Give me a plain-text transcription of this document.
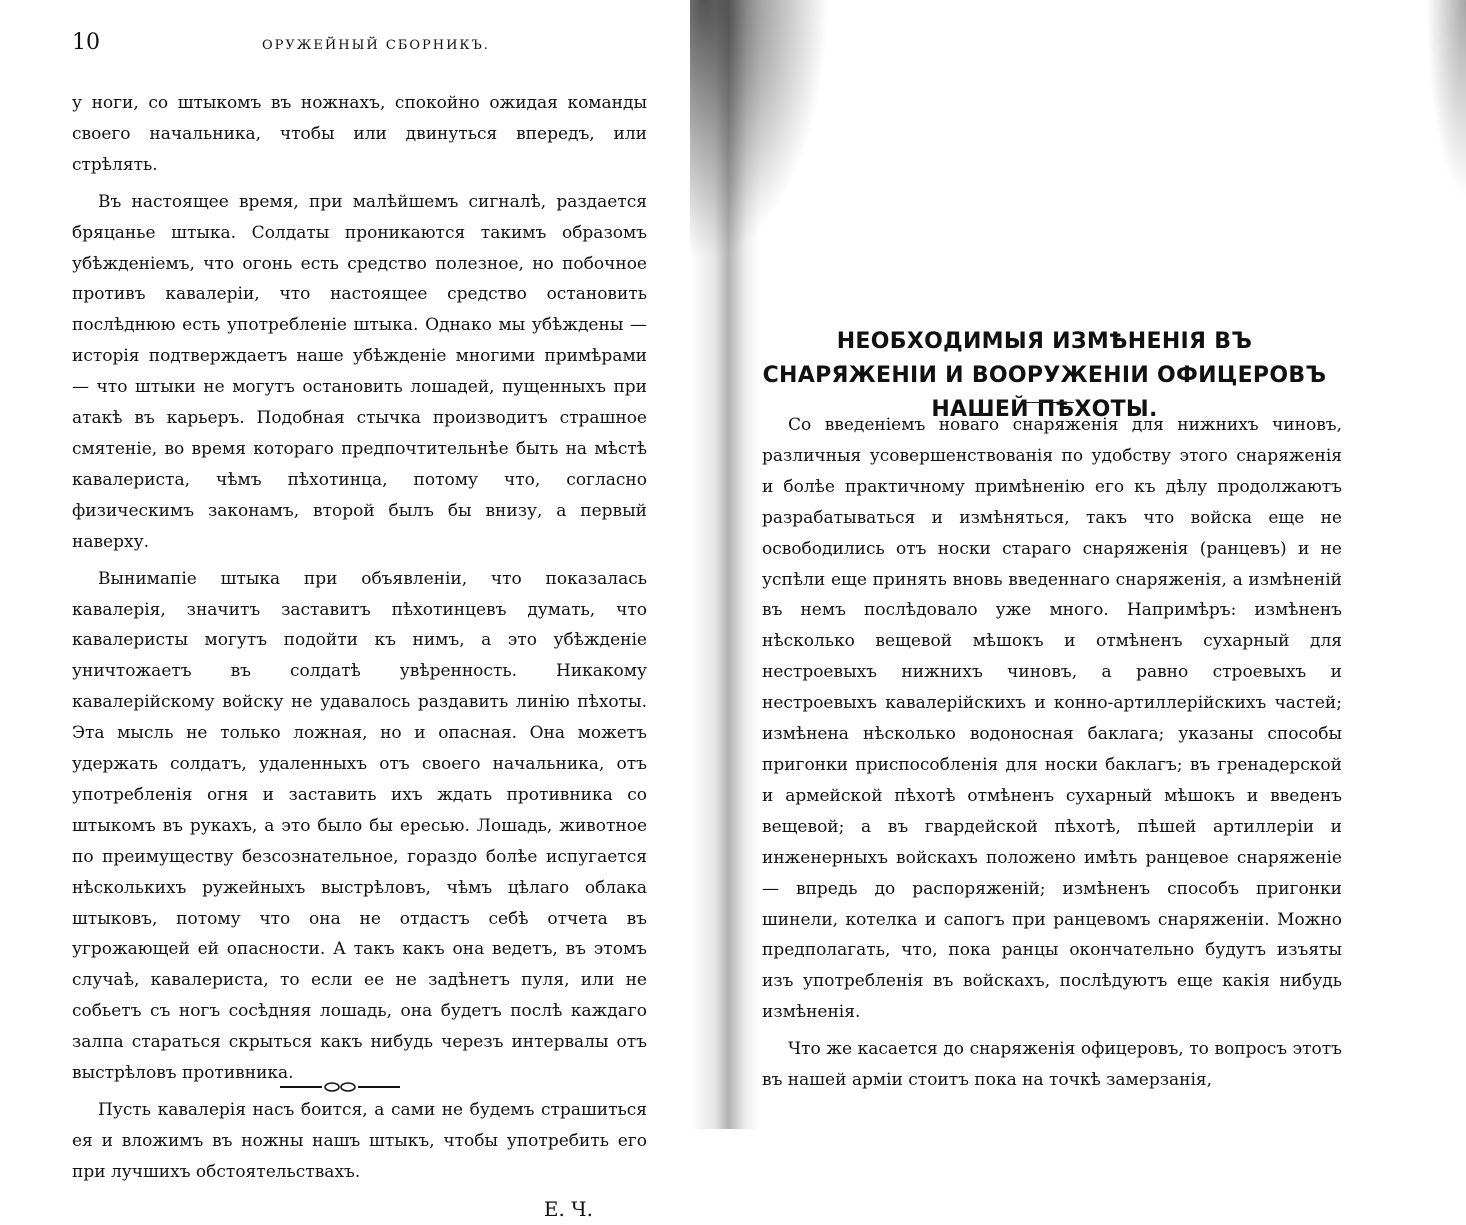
10	ОРУЖЕЙНЫЙ СБОРНИКЪ.

у ноги, со штыкомъ въ ножнахъ, спокойно ожидая команды своего начальника, чтобы или двинуться впередъ, или стрѣлять.

Въ настоящее время, при малѣйшемъ сигналѣ, раздается бряцанье штыка. Солдаты проникаются такимъ образомъ убѣжденіемъ, что огонь есть средство полезное, но побочное противъ кавалеріи, что настоящее средство остановить послѣднюю есть употребленіе штыка. Однако мы убѣждены — исторія подтверждаетъ наше убѣжденіе многими примѣрами — что штыки не могутъ остановить лошадей, пущенныхъ при атакѣ въ карьеръ. Подобная стычка производитъ страшное смятеніе, во время котораго предпочтительнѣе быть на мѣстѣ кавалериста, чѣмъ пѣхотинца, потому что, согласно физическимъ законамъ, второй былъ бы внизу, а первый наверху.

Вынимапіе штыка при объявленіи, что показалась кавалерія, значитъ заставитъ пѣхотинцевъ думать, что кавалеристы могутъ подойти къ нимъ, а это убѣжденіе уничтожаетъ въ солдатѣ увѣренность. Никакому кавалерійскому войску не удавалось раздавить линію пѣхоты. Эта мысль не только ложная, но и опасная. Она можетъ удержать солдатъ, удаленныхъ отъ своего начальника, отъ употребленія огня и заставить ихъ ждать противника со штыкомъ въ рукахъ, а это было бы ересью. Лошадь, животное по преимуществу безсознательное, гораздо болѣе испугается нѣсколькихъ ружейныхъ выстрѣловъ, чѣмъ цѣлаго облака штыковъ, потому что она не отдастъ себѣ отчета въ угрожающей ей опасности. А такъ какъ она ведетъ, въ этомъ случаѣ, кавалериста, то если ее не задѣнетъ пуля, или не собьетъ съ ногъ сосѣдняя лошадь, она будетъ послѣ каждаго залпа стараться скрыться какъ нибудь черезъ интервалы отъ выстрѣловъ противника.

Пусть кавалерія насъ боится, а сами не будемъ страшиться ея и вложимъ въ ножны нашъ штыкъ, чтобы употребить его при лучшихъ обстоятельствахъ.

Е. Ч.
НЕОБХОДИМЫЯ ИЗМѢНЕНІЯ ВЪ СНАРЯЖЕНІИ И ВООРУЖЕНІИ ОФИЦЕРОВЪ НАШЕЙ ПѢХОТЫ.

Со введеніемъ новаго снаряженія для нижнихъ чиновъ, различныя усовершенствованія по удобству этого снаряженія и болѣе практичному примѣненію его къ дѣлу продолжаютъ разрабатываться и измѣняться, такъ что войска еще не освободились отъ носки стараго снаряженія (ранцевъ) и не успѣли еще принять вновь введеннаго снаряженія, а измѣненій въ немъ послѣдовало уже много. Напримѣръ: измѣненъ нѣсколько вещевой мѣшокъ и отмѣненъ сухарный для нестроевыхъ нижнихъ чиновъ, а равно строевыхъ и нестроевыхъ кавалерійскихъ и конно-артиллерійскихъ частей; измѣнена нѣсколько водоносная баклага; указаны способы пригонки приспособленія для носки баклагъ; въ гренадерской и армейской пѣхотѣ отмѣненъ сухарный мѣшокъ и введенъ вещевой; а въ гвардейской пѣхотѣ, пѣшей артиллеріи и инженерныхъ войскахъ положено имѣть ранцевое снаряженіе — впредь до распоряженій; измѣненъ способъ пригонки шинели, котелка и сапогъ при ранцевомъ снаряженіи. Можно предполагать, что, пока ранцы окончательно будутъ изъяты изъ употребленія въ войскахъ, послѣдуютъ еще какія нибудь измѣненія.

Что же касается до снаряженія офицеровъ, то вопросъ этотъ въ нашей арміи стоитъ пока на точкѣ замерзанія,
